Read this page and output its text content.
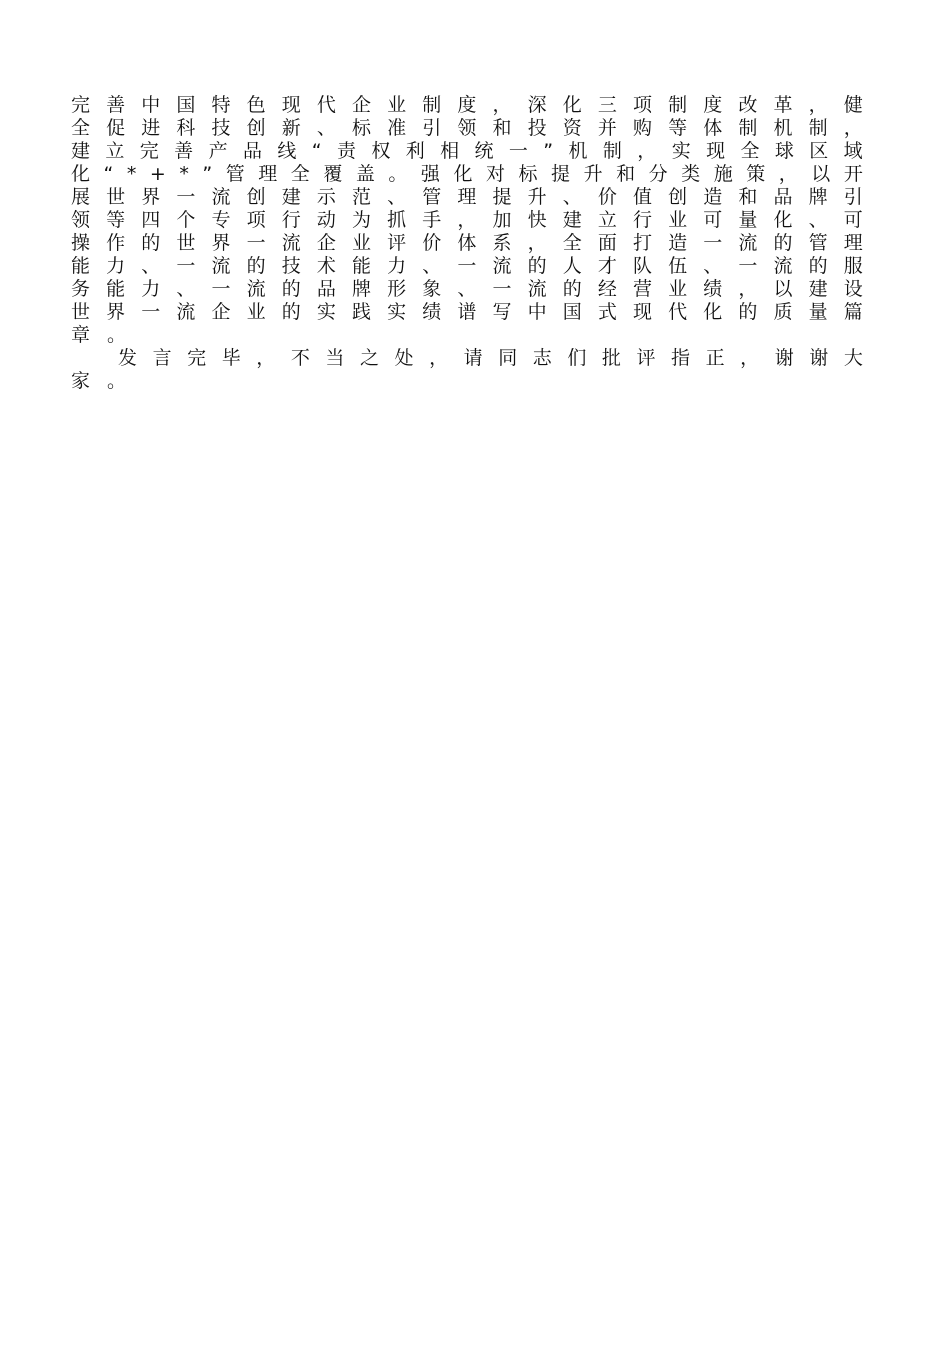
完 善 中 国 特 色 现 代 企 业 制 度 ， 深 化 三 项 制 度 改 革 ， 健
全 促 进 科 技 创 新 、 标 准 引 领 和 投 资 并 购 等 体 制 机 制 ，
建 立 完 善 产 品 线 “ 责 权 利 相 统 一 ” 机 制 ， 实 现 全 球 区 域
化 “ * + * ” 管 理 全 覆 盖 。 强 化 对 标 提 升 和 分 类 施 策 ， 以 开
展 世 界 一 流 创 建 示 范 、 管 理 提 升 、 价 值 创 造 和 品 牌 引
领 等 四 个 专 项 行 动 为 抓 手 ， 加 快 建 立 行 业 可 量 化 、 可
操 作 的 世 界 一 流 企 业 评 价 体 系 ， 全 面 打 造 一 流 的 管 理
能 力 、 一 流 的 技 术 能 力 、 一 流 的 人 才 队 伍 、 一 流 的 服
务 能 力 、 一 流 的 品 牌 形 象 、 一 流 的 经 营 业 绩 ， 以 建 设
世 界 一 流 企 业 的 实 践 实 绩 谱 写 中 国 式 现 代 化 的 质 量 篇
章 。
发 言 完 毕 ， 不 当 之 处 ， 请 同 志 们 批 评 指 正 ， 谢 谢 大
家 。
